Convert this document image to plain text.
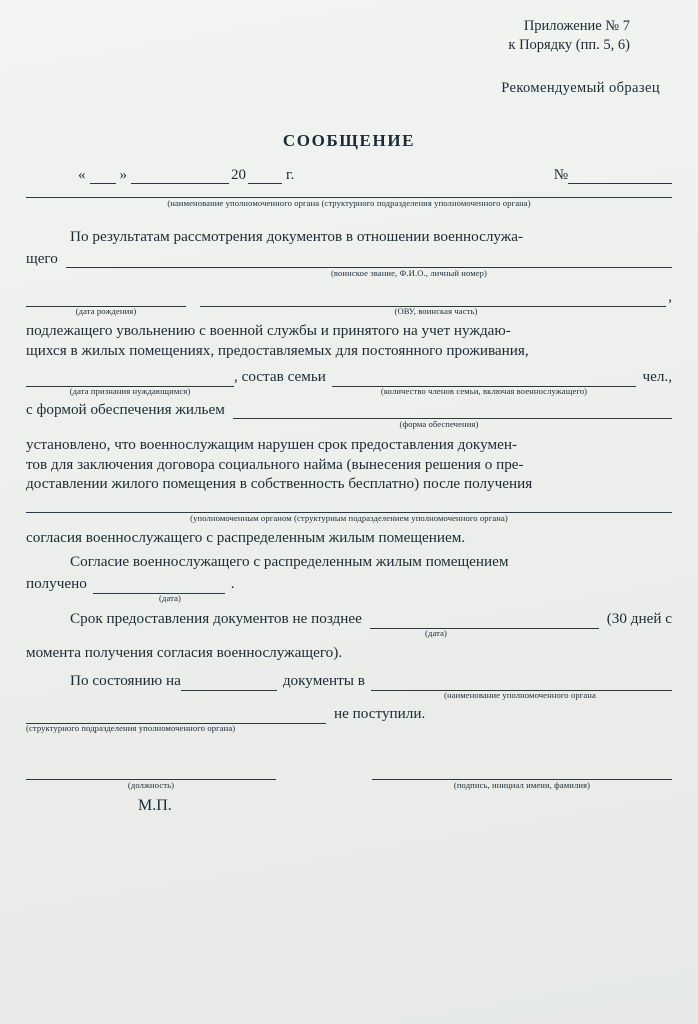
Приложение № 7
к Порядку (пп. 5, 6)
Рекомендуемый образец
СООБЩЕНИЕ
« »	20	г.	№
(наименование уполномоченного органа (структурного подразделения уполномоченного органа)

По результатам рассмотрения документов в отношении военнослужа-

щего
(воинское звание, Ф.И.О., личный номер)
,
(дата рождения)	(ОВУ, воинская часть)

подлежащего увольнению с военной службы и принятого на учет нуждаю-

щихся в жилых помещениях, предоставляемых для постоянного проживания,

, состав семьи	чел.,
(дата признания нуждающимся)	(количество членов семьи, включая военнослужащего)
с формой обеспечения жильем
(форма обеспечения)

установлено, что военнослужащим нарушен срок предоставления докумен-

тов для заключения договора социального найма (вынесения решения о пре-

доставлении жилого помещения в собственность бесплатно) после получения

(уполномоченным органом (структурным подразделением уполномоченного органа)

согласия военнослужащего с распределенным жилым помещением.

Согласие военнослужащего с распределенным жилым помещением

получено	.
(дата)
Срок предоставления документов не позднее	(30 дней с
(дата)

момента получения согласия военнослужащего).

По состоянию на	документы в
(наименование уполномоченного органа
не поступили.
(структурного подразделения уполномоченного органа)
(должность)	(подпись, инициал имени, фамилия)
М.П.
